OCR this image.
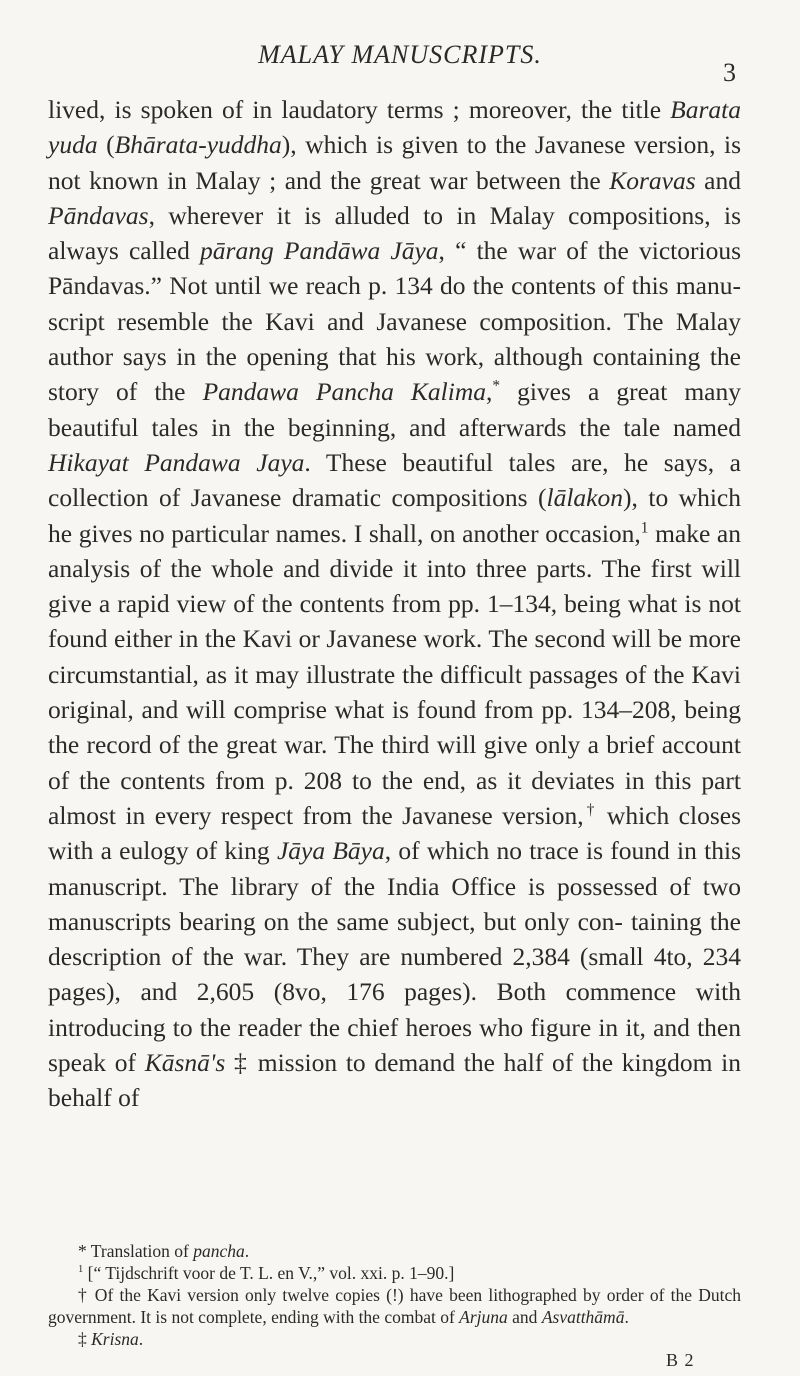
MALAY MANUSCRIPTS.
3

lived, is spoken of in laudatory terms ; moreover, the title Barata yuda (Bhārata-yuddha), which is given to the Javanese version, is not known in Malay ; and the great war between the Koravas and Pāndavas, wherever it is alluded to in Malay compositions, is always called pārang Pandāwa Jāya, “ the war of the victorious Pāndavas.” Not until we reach p. 134 do the contents of this manu- script resemble the Kavi and Javanese composition. The Malay author says in the opening that his work, although containing the story of the Pandawa Pancha Kalima,* gives a great many beautiful tales in the beginning, and afterwards the tale named Hikayat Pandawa Jaya. These beautiful tales are, he says, a collection of Javanese dramatic compositions (lālakon), to which he gives no particular names. I shall, on another occasion,$^1$ make an analysis of the whole and divide it into three parts. The first will give a rapid view of the contents from pp. 1–134, being what is not found either in the Kavi or Javanese work. The second will be more circumstantial, as it may illustrate the difficult passages of the Kavi original, and will comprise what is found from pp. 134–208, being the record of the great war. The third will give only a brief account of the contents from p. 208 to the end, as it deviates in this part almost in every respect from the Javanese version,† which closes with a eulogy of king Jāya Bāya, of which no trace is found in this manuscript. The library of the India Office is possessed of two manuscripts bearing on the same subject, but only con- taining the description of the war. They are numbered 2,384 (small 4to, 234 pages), and 2,605 (8vo, 176 pages). Both commence with introducing to the reader the chief heroes who figure in it, and then speak of Kāsnā's ‡ mission to demand the half of the kingdom in behalf of

* Translation of pancha.

$^1$ [“ Tijdschrift voor de T. L. en V.,” vol. xxi. p. 1–90.]

† Of the Kavi version only twelve copies (!) have been lithographed by order of the Dutch government. It is not complete, ending with the combat of Arjuna and Asvatthāmā.

‡ Krisna.

B 2
